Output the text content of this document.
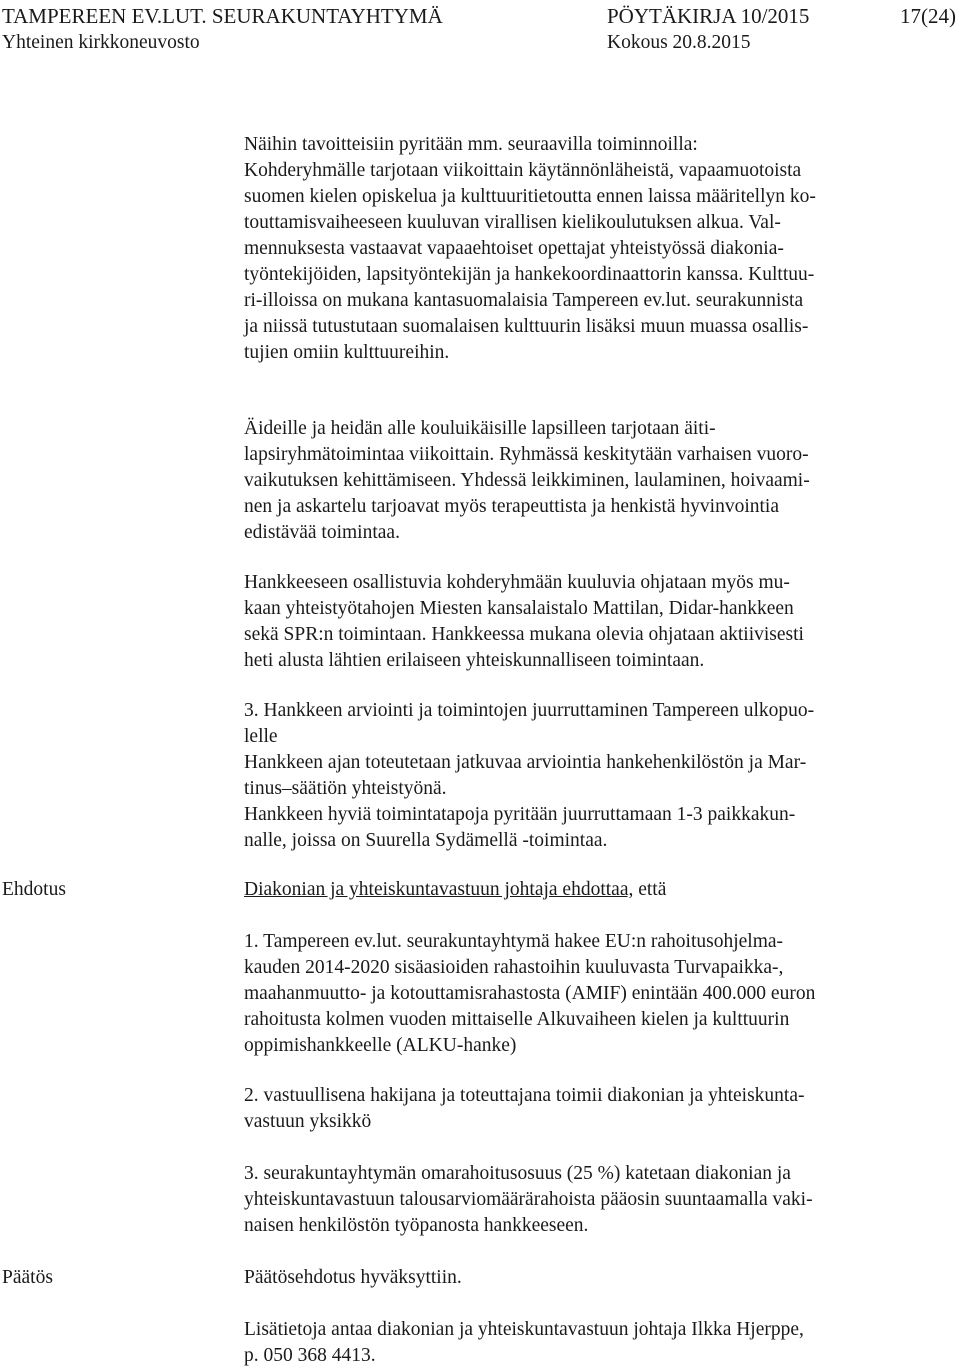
TAMPEREEN EV.LUT. SEURAKUNTAYHTYMÄ
Yhteinen kirkkoneuvosto
PÖYTÄKIRJA 10/2015
Kokous 20.8.2015
17(24)
Näihin tavoitteisiin pyritään mm. seuraavilla toiminnoilla:
Kohderyhmälle tarjotaan viikoittain käytännönläheistä, vapaamuotoista
suomen kielen opiskelua ja kulttuuritietoutta ennen laissa määritellyn ko-
touttamisvaiheeseen kuuluvan virallisen kielikoulutuksen alkua. Val-
mennuksesta vastaavat vapaaehtoiset opettajat yhteistyössä diakonia-
työntekijöiden, lapsityöntekijän ja hankekoordinaattorin kanssa. Kulttuu-
ri-illoissa on mukana kantasuomalaisia Tampereen ev.lut. seurakunnista
ja niissä tutustutaan suomalaisen kulttuurin lisäksi muun muassa osallis-
tujien omiin kulttuureihin.
Äideille ja heidän alle kouluikäisille lapsilleen tarjotaan äiti-
lapsiryhmätoimintaa viikoittain. Ryhmässä keskitytään varhaisen vuoro-
vaikutuksen kehittämiseen. Yhdessä leikkiminen, laulaminen, hoivaami-
nen ja askartelu tarjoavat myös terapeuttista ja henkistä hyvinvointia
edistävää toimintaa.
Hankkeeseen osallistuvia kohderyhmään kuuluvia ohjataan myös mu-
kaan yhteistyötahojen Miesten kansalaistalo Mattilan, Didar-hankkeen
sekä SPR:n toimintaan. Hankkeessa mukana olevia ohjataan aktiivisesti
heti alusta lähtien erilaiseen yhteiskunnalliseen toimintaan.
3. Hankkeen arviointi ja toimintojen juurruttaminen Tampereen ulkopuo-
lelle
Hankkeen ajan toteutetaan jatkuvaa arviointia hankehenkilöstön ja Mar-
tinus–säätiön yhteistyönä.
Hankkeen hyviä toimintatapoja pyritään juurruttamaan 1-3 paikkakun-
nalle, joissa on Suurella Sydämellä -toimintaa.
Ehdotus	Diakonian ja yhteiskuntavastuun johtaja ehdottaa, että
1. Tampereen ev.lut. seurakuntayhtymä hakee EU:n rahoitusohjelma-
kauden 2014-2020 sisäasioiden rahastoihin kuuluvasta Turvapaikka-,
maahanmuutto- ja kotouttamisrahastosta (AMIF) enintään 400.000 euron
rahoitusta kolmen vuoden mittaiselle Alkuvaiheen kielen ja kulttuurin
oppimishankkeelle (ALKU-hanke)
2. vastuullisena hakijana ja toteuttajana toimii diakonian ja yhteiskunta-
vastuun yksikkö
3. seurakuntayhtymän omarahoitusosuus (25 %) katetaan diakonian ja
yhteiskuntavastuun talousarviomäärärahoista pääosin suuntaamalla vaki-
naisen henkilöstön työpanosta hankkeeseen.
Päätös	Päätösehdotus hyväksyttiin.
Lisätietoja antaa diakonian ja yhteiskuntavastuun johtaja Ilkka Hjerppe,
p. 050 368 4413.
